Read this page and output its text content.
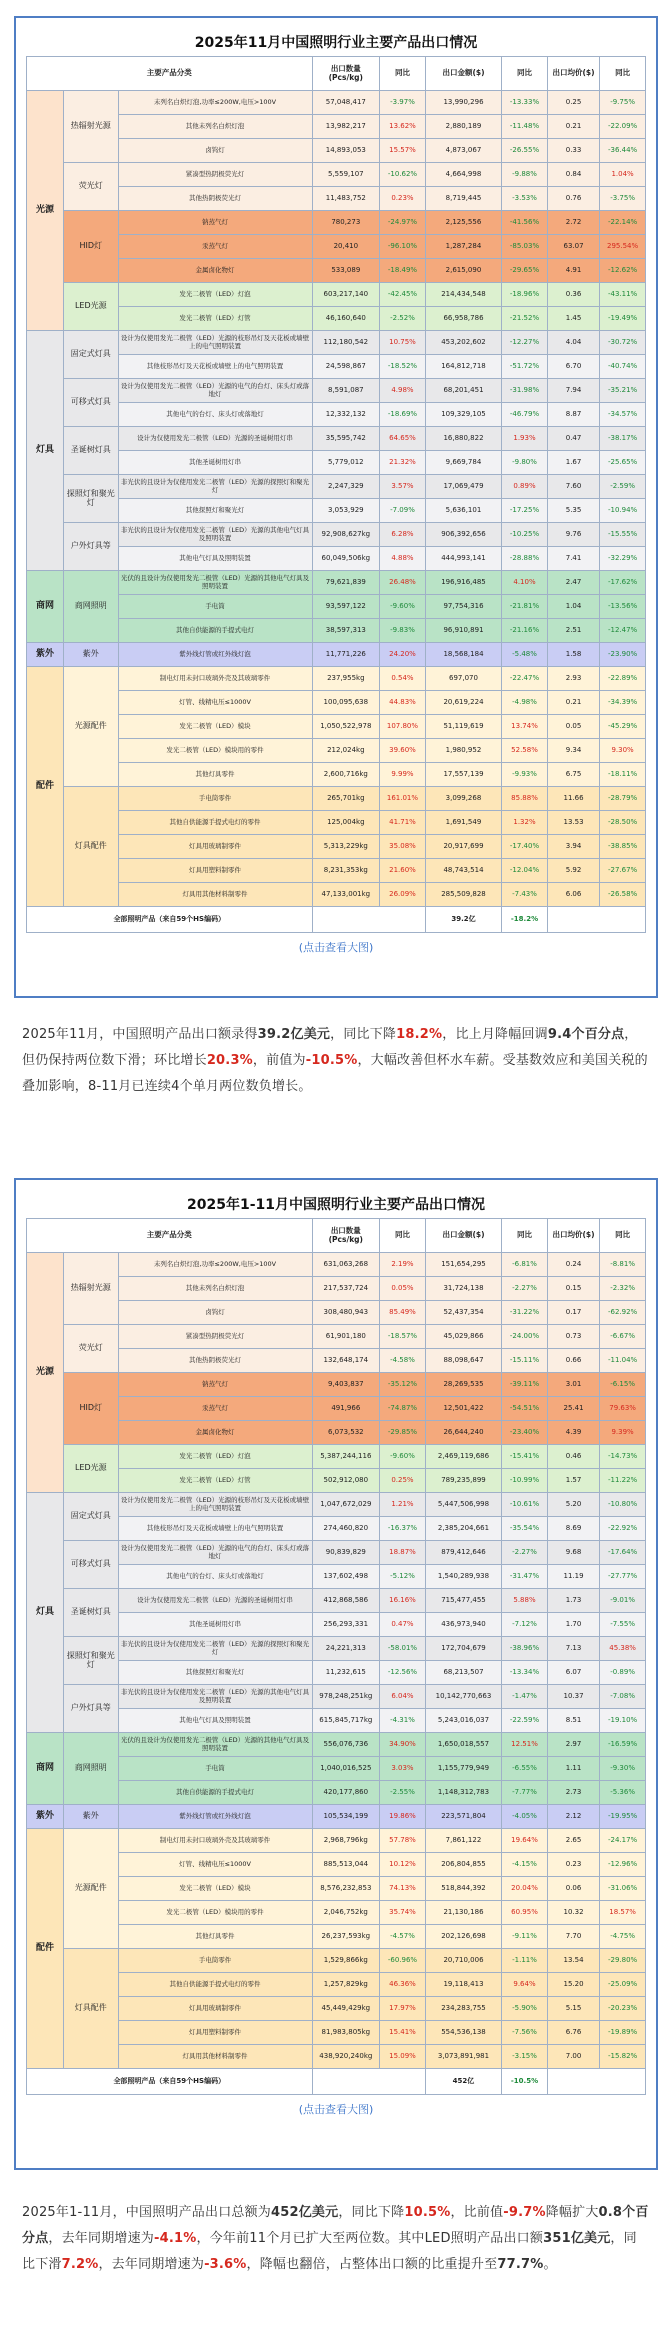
2025年11月中国照明行业主要产品出口情况
主要产品分类			出口数量(Pcs/kg)	同比	出口金额($)	同比	出口均价($)	同比
光源	热辐射光源	未列名白炽灯泡,功率≤200W,电压>100V	57,048,417	-3.97%	13,990,296	-13.33%	0.25	-9.75%
		其他未列名白炽灯泡	13,982,217	13.62%	2,880,189	-11.48%	0.21	-22.09%
		卤钨灯	14,893,053	15.57%	4,873,067	-26.55%	0.33	-36.44%
	荧光灯	紧凑型热阴极荧光灯	5,559,107	-10.62%	4,664,998	-9.88%	0.84	1.04%
		其他热阴极荧光灯	11,483,752	0.23%	8,719,445	-3.53%	0.76	-3.75%
	HID灯	钠蒸气灯	780,273	-24.97%	2,125,556	-41.56%	2.72	-22.14%
		汞蒸气灯	20,410	-96.10%	1,287,284	-85.03%	63.07	295.54%
		金属卤化物灯	533,089	-18.49%	2,615,090	-29.65%	4.91	-12.62%
	LED光源	发光二极管（LED）灯泡	603,217,140	-42.45%	214,434,548	-18.96%	0.36	-43.11%
		发光二极管（LED）灯管	46,160,640	-2.52%	66,958,786	-21.52%	1.45	-19.49%
灯具	固定式灯具	设计为仅使用发光二极管（LED）光源的枝形吊灯及天花板或墙壁上的电气照明装置	112,180,542	10.75%	453,202,602	-12.27%	4.04	-30.72%
		其他枝形吊灯及天花板或墙壁上的电气照明装置	24,598,867	-18.52%	164,812,718	-51.72%	6.70	-40.74%
	可移式灯具	设计为仅使用发光二极管（LED）光源的电气的台灯、床头灯或落地灯	8,591,087	4.98%	68,201,451	-31.98%	7.94	-35.21%
		其他电气的台灯、床头灯或落地灯	12,332,132	-18.69%	109,329,105	-46.79%	8.87	-34.57%
	圣诞树灯具	设计为仅使用发光二极管（LED）光源的圣诞树用灯串	35,595,742	64.65%	16,880,822	1.93%	0.47	-38.17%
		其他圣诞树用灯串	5,779,012	21.32%	9,669,784	-9.80%	1.67	-25.65%
	探照灯和聚光灯	非光伏的且设计为仅使用发光二极管（LED）光源的探照灯和聚光灯	2,247,329	3.57%	17,069,479	0.89%	7.60	-2.59%
		其他探照灯和聚光灯	3,053,929	-7.09%	5,636,101	-17.25%	5.35	-10.94%
	户外灯具等	非光伏的且设计为仅使用发光二极管（LED）光源的其他电气灯具及照明装置	92,908,627kg	6.28%	906,392,656	-10.25%	9.76	-15.55%
		其他电气灯具及照明装置	60,049,506kg	4.88%	444,993,141	-28.88%	7.41	-32.29%
商网	商网照明	光伏的且设计为仅使用发光二极管（LED）光源的其他电气灯具及照明装置	79,621,839	26.48%	196,916,485	4.10%	2.47	-17.62%
		手电筒	93,597,122	-9.60%	97,754,316	-21.81%	1.04	-13.56%
		其他自供能源的手提式电灯	38,597,313	-9.83%	96,910,891	-21.16%	2.51	-12.47%
紫外	紫外	紫外线灯管或红外线灯泡	11,771,226	24.20%	18,568,184	-5.48%	1.58	-23.90%
配件	光源配件	制电灯用未封口玻璃外壳及其玻璃零件	237,955kg	0.54%	697,070	-22.47%	2.93	-22.89%
		灯管、线精电压≤1000V	100,095,638	44.83%	20,619,224	-4.98%	0.21	-34.39%
		发光二极管（LED）模块	1,050,522,978	107.80%	51,119,619	13.74%	0.05	-45.29%
		发光二极管（LED）模块用的零件	212,024kg	39.60%	1,980,952	52.58%	9.34	9.30%
		其他灯具零件	2,600,716kg	9.99%	17,557,139	-9.93%	6.75	-18.11%
	灯具配件	手电筒零件	265,701kg	161.01%	3,099,268	85.88%	11.66	-28.79%
		其他自供能源手提式电灯的零件	125,004kg	41.71%	1,691,549	1.32%	13.53	-28.50%
		灯具用玻璃制零件	5,313,229kg	35.08%	20,917,699	-17.40%	3.94	-38.85%
		灯具用塑料制零件	8,231,353kg	21.60%	48,743,514	-12.04%	5.92	-27.67%
		灯具用其他材料制零件	47,133,001kg	26.09%	285,509,828	-7.43%	6.06	-26.58%
全部照明产品（来自59个HS编码）					39.2亿	-18.2%		
(点击查看大图)
2025年11月，中国照明产品出口额录得39.2亿美元，同比下降18.2%，比上月降幅回调9.4个百分点，但仍保持两位数下滑；环比增长20.3%，前值为-10.5%，大幅改善但杯水车薪。受基数效应和美国关税的叠加影响，8-11月已连续4个单月两位数负增长。
2025年1-11月中国照明行业主要产品出口情况
主要产品分类			出口数量(Pcs/kg)	同比	出口金额($)	同比	出口均价($)	同比
光源	热辐射光源	未列名白炽灯泡,功率≤200W,电压>100V	631,063,268	2.19%	151,654,295	-6.81%	0.24	-8.81%
		其他未列名白炽灯泡	217,537,724	0.05%	31,724,138	-2.27%	0.15	-2.32%
		卤钨灯	308,480,943	85.49%	52,437,354	-31.22%	0.17	-62.92%
	荧光灯	紧凑型热阴极荧光灯	61,901,180	-18.57%	45,029,866	-24.00%	0.73	-6.67%
		其他热阴极荧光灯	132,648,174	-4.58%	88,098,647	-15.11%	0.66	-11.04%
	HID灯	钠蒸气灯	9,403,837	-35.12%	28,269,535	-39.11%	3.01	-6.15%
		汞蒸气灯	491,966	-74.87%	12,501,422	-54.51%	25.41	79.63%
		金属卤化物灯	6,073,532	-29.85%	26,644,240	-23.40%	4.39	9.39%
	LED光源	发光二极管（LED）灯泡	5,387,244,116	-9.60%	2,469,119,686	-15.41%	0.46	-14.73%
		发光二极管（LED）灯管	502,912,080	0.25%	789,235,899	-10.99%	1.57	-11.22%
灯具	固定式灯具	设计为仅使用发光二极管（LED）光源的枝形吊灯及天花板或墙壁上的电气照明装置	1,047,672,029	1.21%	5,447,506,998	-10.61%	5.20	-10.80%
		其他枝形吊灯及天花板或墙壁上的电气照明装置	274,460,820	-16.37%	2,385,204,661	-35.54%	8.69	-22.92%
	可移式灯具	设计为仅使用发光二极管（LED）光源的电气的台灯、床头灯或落地灯	90,839,829	18.87%	879,412,646	-2.27%	9.68	-17.64%
		其他电气的台灯、床头灯或落地灯	137,602,498	-5.12%	1,540,289,938	-31.47%	11.19	-27.77%
	圣诞树灯具	设计为仅使用发光二极管（LED）光源的圣诞树用灯串	412,868,586	16.16%	715,477,455	5.88%	1.73	-9.01%
		其他圣诞树用灯串	256,293,331	0.47%	436,973,940	-7.12%	1.70	-7.55%
	探照灯和聚光灯	非光伏的且设计为仅使用发光二极管（LED）光源的探照灯和聚光灯	24,221,313	-58.01%	172,704,679	-38.96%	7.13	45.38%
		其他探照灯和聚光灯	11,232,615	-12.56%	68,213,507	-13.34%	6.07	-0.89%
	户外灯具等	非光伏的且设计为仅使用发光二极管（LED）光源的其他电气灯具及照明装置	978,248,251kg	6.04%	10,142,770,663	-1.47%	10.37	-7.08%
		其他电气灯具及照明装置	615,845,717kg	-4.31%	5,243,016,037	-22.59%	8.51	-19.10%
商网	商网照明	光伏的且设计为仅使用发光二极管（LED）光源的其他电气灯具及照明装置	556,076,736	34.90%	1,650,018,557	12.51%	2.97	-16.59%
		手电筒	1,040,016,525	3.03%	1,155,779,949	-6.55%	1.11	-9.30%
		其他自供能源的手提式电灯	420,177,860	-2.55%	1,148,312,783	-7.77%	2.73	-5.36%
紫外	紫外	紫外线灯管或红外线灯泡	105,534,199	19.86%	223,571,804	-4.05%	2.12	-19.95%
配件	光源配件	制电灯用未封口玻璃外壳及其玻璃零件	2,968,796kg	57.78%	7,861,122	19.64%	2.65	-24.17%
		灯管、线精电压≤1000V	885,513,044	10.12%	206,804,855	-4.15%	0.23	-12.96%
		发光二极管（LED）模块	8,576,232,853	74.13%	518,844,392	20.04%	0.06	-31.06%
		发光二极管（LED）模块用的零件	2,046,752kg	35.74%	21,130,186	60.95%	10.32	18.57%
		其他灯具零件	26,237,593kg	-4.57%	202,126,698	-9.11%	7.70	-4.75%
	灯具配件	手电筒零件	1,529,866kg	-60.96%	20,710,006	-1.11%	13.54	-29.80%
		其他自供能源手提式电灯的零件	1,257,829kg	46.36%	19,118,413	9.64%	15.20	-25.09%
		灯具用玻璃制零件	45,449,429kg	17.97%	234,283,755	-5.90%	5.15	-20.23%
		灯具用塑料制零件	81,983,805kg	15.41%	554,536,138	-7.56%	6.76	-19.89%
		灯具用其他材料制零件	438,920,240kg	15.09%	3,073,891,981	-3.15%	7.00	-15.82%
全部照明产品（来自59个HS编码）					452亿	-10.5%		
(点击查看大图)
2025年1-11月，中国照明产品出口总额为452亿美元，同比下降10.5%，比前值-9.7%降幅扩大0.8个百分点，去年同期增速为-4.1%，今年前11个月已扩大至两位数。其中LED照明产品出口额351亿美元，同比下滑7.2%，去年同期增速为-3.6%，降幅也翻倍，占整体出口额的比重提升至77.7%。
